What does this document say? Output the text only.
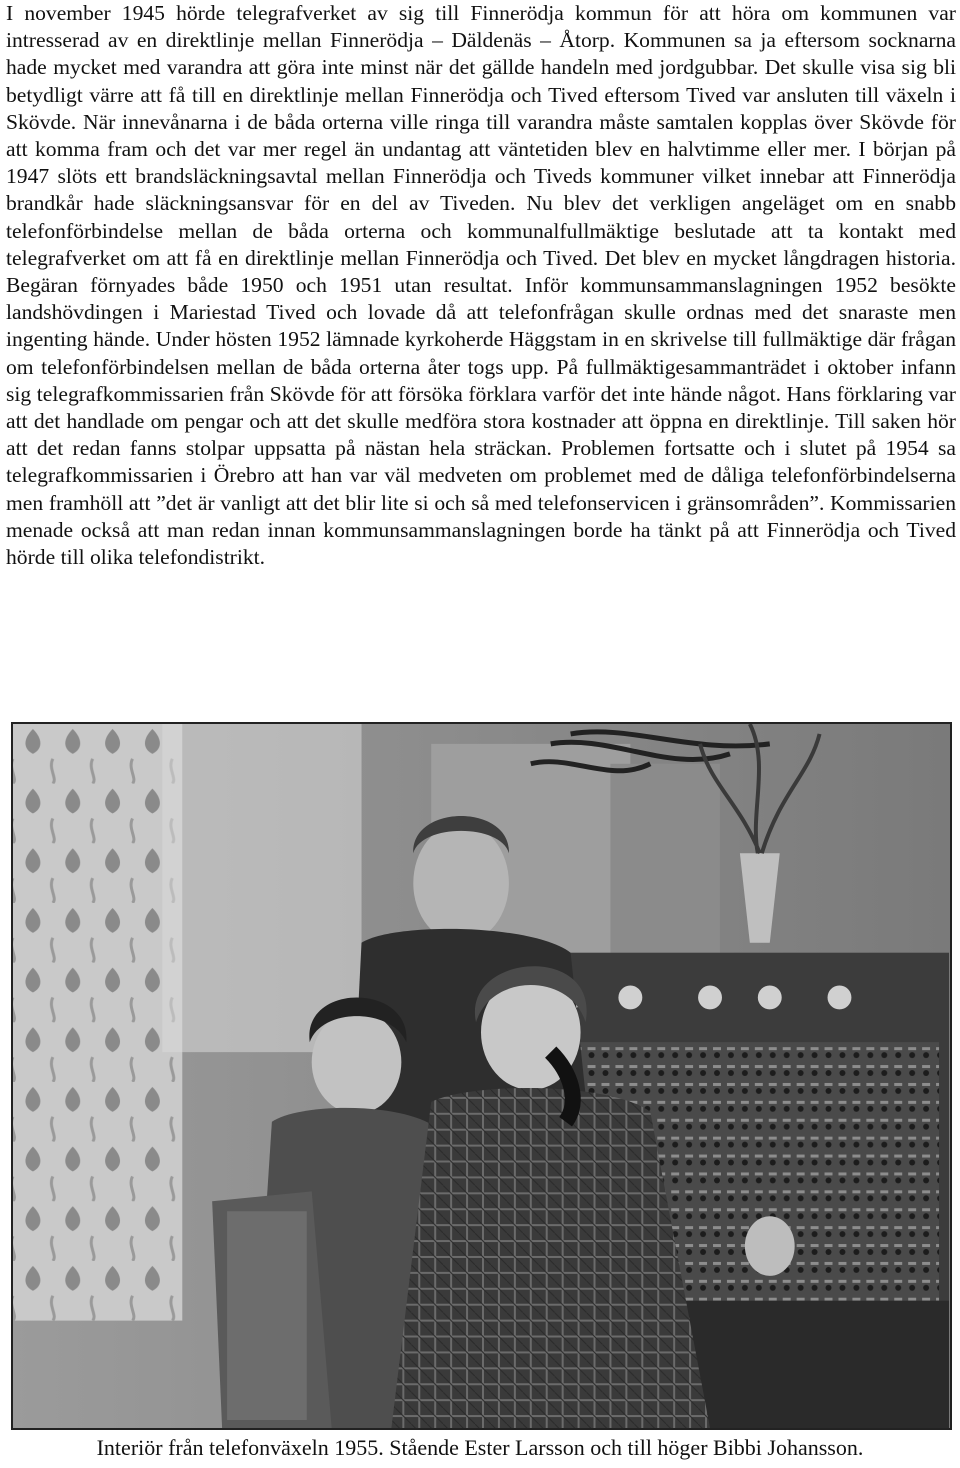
I november 1945 hörde telegrafverket av sig till Finnerödja kommun för att höra om kommunen var intresserad av en direktlinje mellan Finnerödja – Däldenäs – Åtorp. Kommunen sa ja eftersom socknarna hade mycket med varandra att göra inte minst när det gällde handeln med jordgubbar. Det skulle visa sig bli betydligt värre att få till en direktlinje mellan Finnerödja och Tived eftersom Tived var ansluten till växeln i Skövde. När innevånarna i de båda orterna ville ringa till varandra måste samtalen kopplas över Skövde för att komma fram och det var mer regel än undantag att väntetiden blev en halvtimme eller mer. I början på 1947 slöts ett brandsläckningsavtal mellan Finnerödja och Tiveds kommuner vilket innebar att Finnerödja brandkår hade släckningsansvar för en del av Tiveden. Nu blev det verkligen angeläget om en snabb telefonförbindelse mellan de båda orterna och kommunalfullmäktige beslutade att ta kontakt med telegrafverket om att få en direktlinje mellan Finnerödja och Tived. Det blev en mycket långdragen historia. Begäran förnyades både 1950 och 1951 utan resultat. Inför kommunsammanslagningen 1952 besökte landshövdingen i Mariestad Tived och lovade då att telefonfrågan skulle ordnas med det snaraste men ingenting hände. Under hösten 1952 lämnade kyrkoherde Häggstam in en skrivelse till fullmäktige där frågan om telefonförbindelsen mellan de båda orterna åter togs upp. På fullmäktigesammanträdet i oktober infann sig telegrafkommissarien från Skövde för att försöka förklara varför det inte hände något. Hans förklaring var att det handlade om pengar och att det skulle medföra stora kostnader att öppna en direktlinje. Till saken hör att det redan fanns stolpar uppsatta på nästan hela sträckan. Problemen fortsatte och i slutet på 1954 sa telegrafkommissarien i Örebro att han var väl medveten om problemet med de dåliga telefonförbindelserna men framhöll att ”det är vanligt att det blir lite si och så med telefonservicen i gränsområden”. Kommissarien menade också att man redan innan kommunsammanslagningen borde ha tänkt på att Finnerödja och Tived hörde till olika telefondistrikt.

Interiör från telefonväxeln 1955. Stående Ester Larsson och till höger Bibbi Johansson.
